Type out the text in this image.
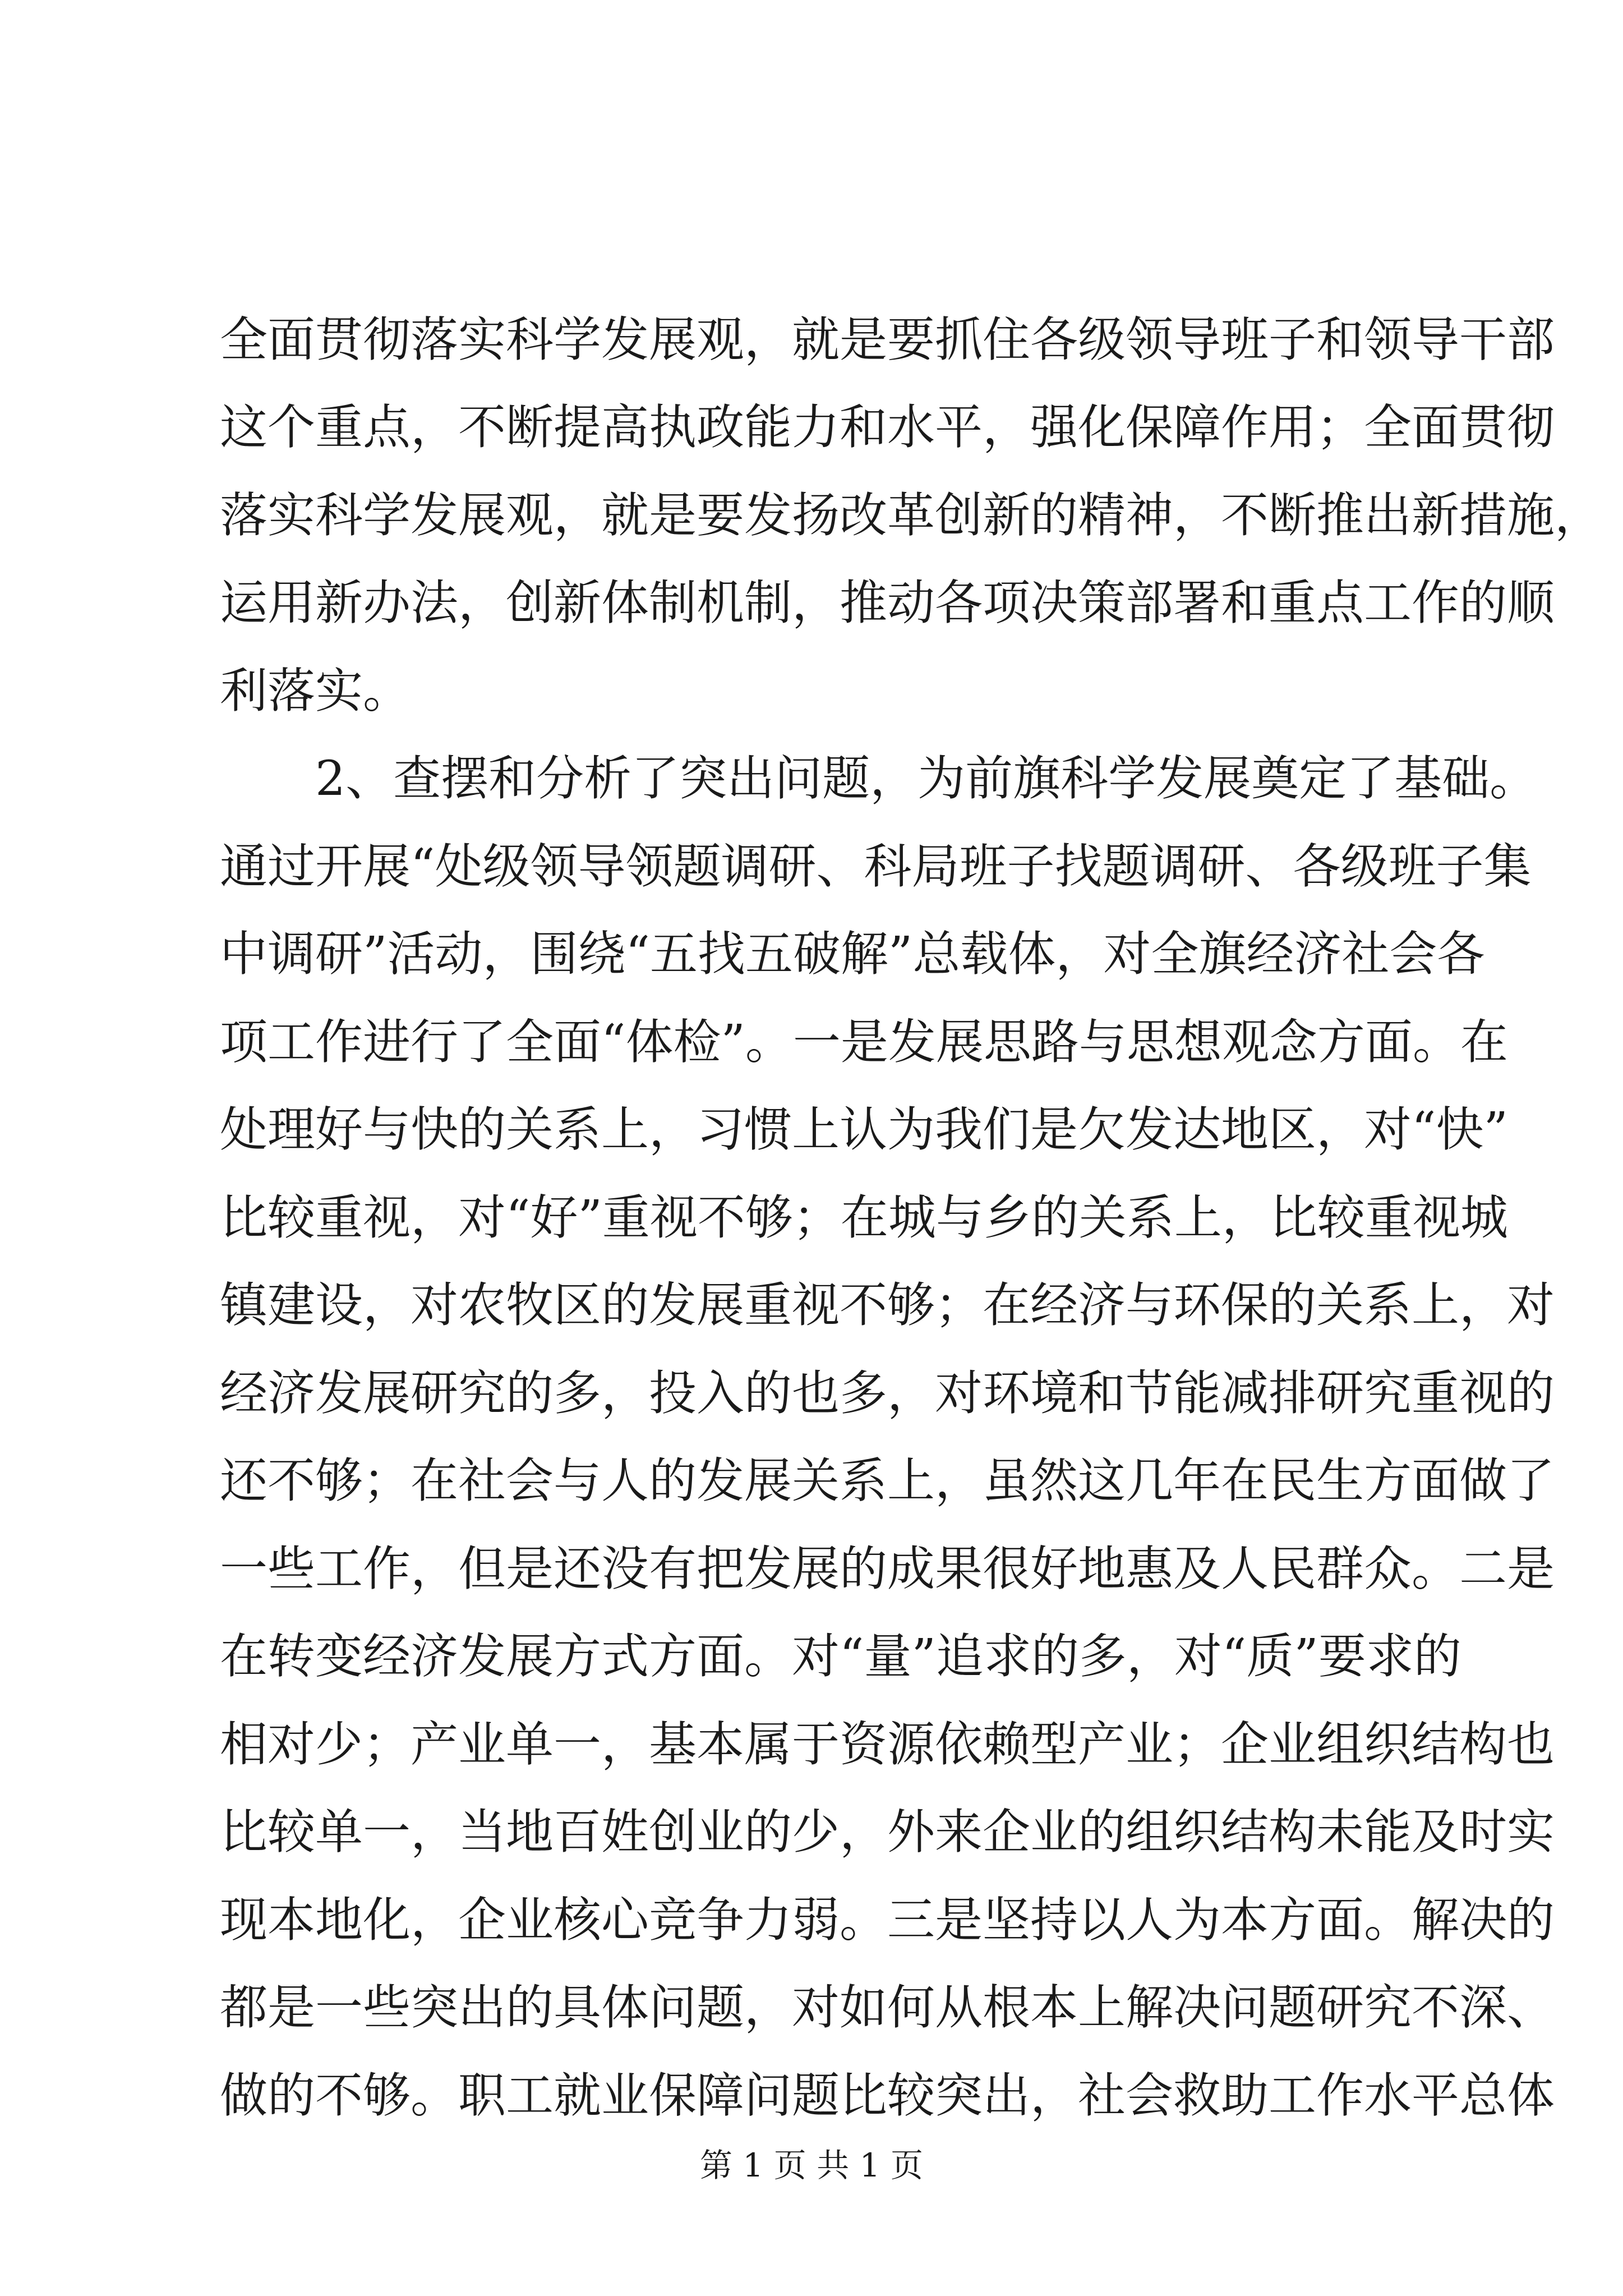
全面贯彻落实科学发展观，就是要抓住各级领导班子和领导干部
这个重点，不断提高执政能力和水平，强化保障作用；全面贯彻
落实科学发展观，就是要发扬改革创新的精神，不断推出新措施，
运用新办法，创新体制机制，推动各项决策部署和重点工作的顺
利落实。
2、查摆和分析了突出问题，为前旗科学发展奠定了基础。
通过开展“处级领导领题调研、科局班子找题调研、各级班子集
中调研”活动，围绕“五找五破解”总载体，对全旗经济社会各
项工作进行了全面“体检”。一是发展思路与思想观念方面。在
处理好与快的关系上，习惯上认为我们是欠发达地区，对“快”
比较重视，对“好”重视不够；在城与乡的关系上，比较重视城
镇建设，对农牧区的发展重视不够；在经济与环保的关系上，对
经济发展研究的多，投入的也多，对环境和节能减排研究重视的
还不够；在社会与人的发展关系上，虽然这几年在民生方面做了
一些工作，但是还没有把发展的成果很好地惠及人民群众。二是
在转变经济发展方式方面。对“量”追求的多，对“质”要求的
相对少；产业单一，基本属于资源依赖型产业；企业组织结构也
比较单一，当地百姓创业的少，外来企业的组织结构未能及时实
现本地化，企业核心竞争力弱。三是坚持以人为本方面。解决的
都是一些突出的具体问题，对如何从根本上解决问题研究不深、
做的不够。职工就业保障问题比较突出，社会救助工作水平总体
第 1 页 共 1 页
